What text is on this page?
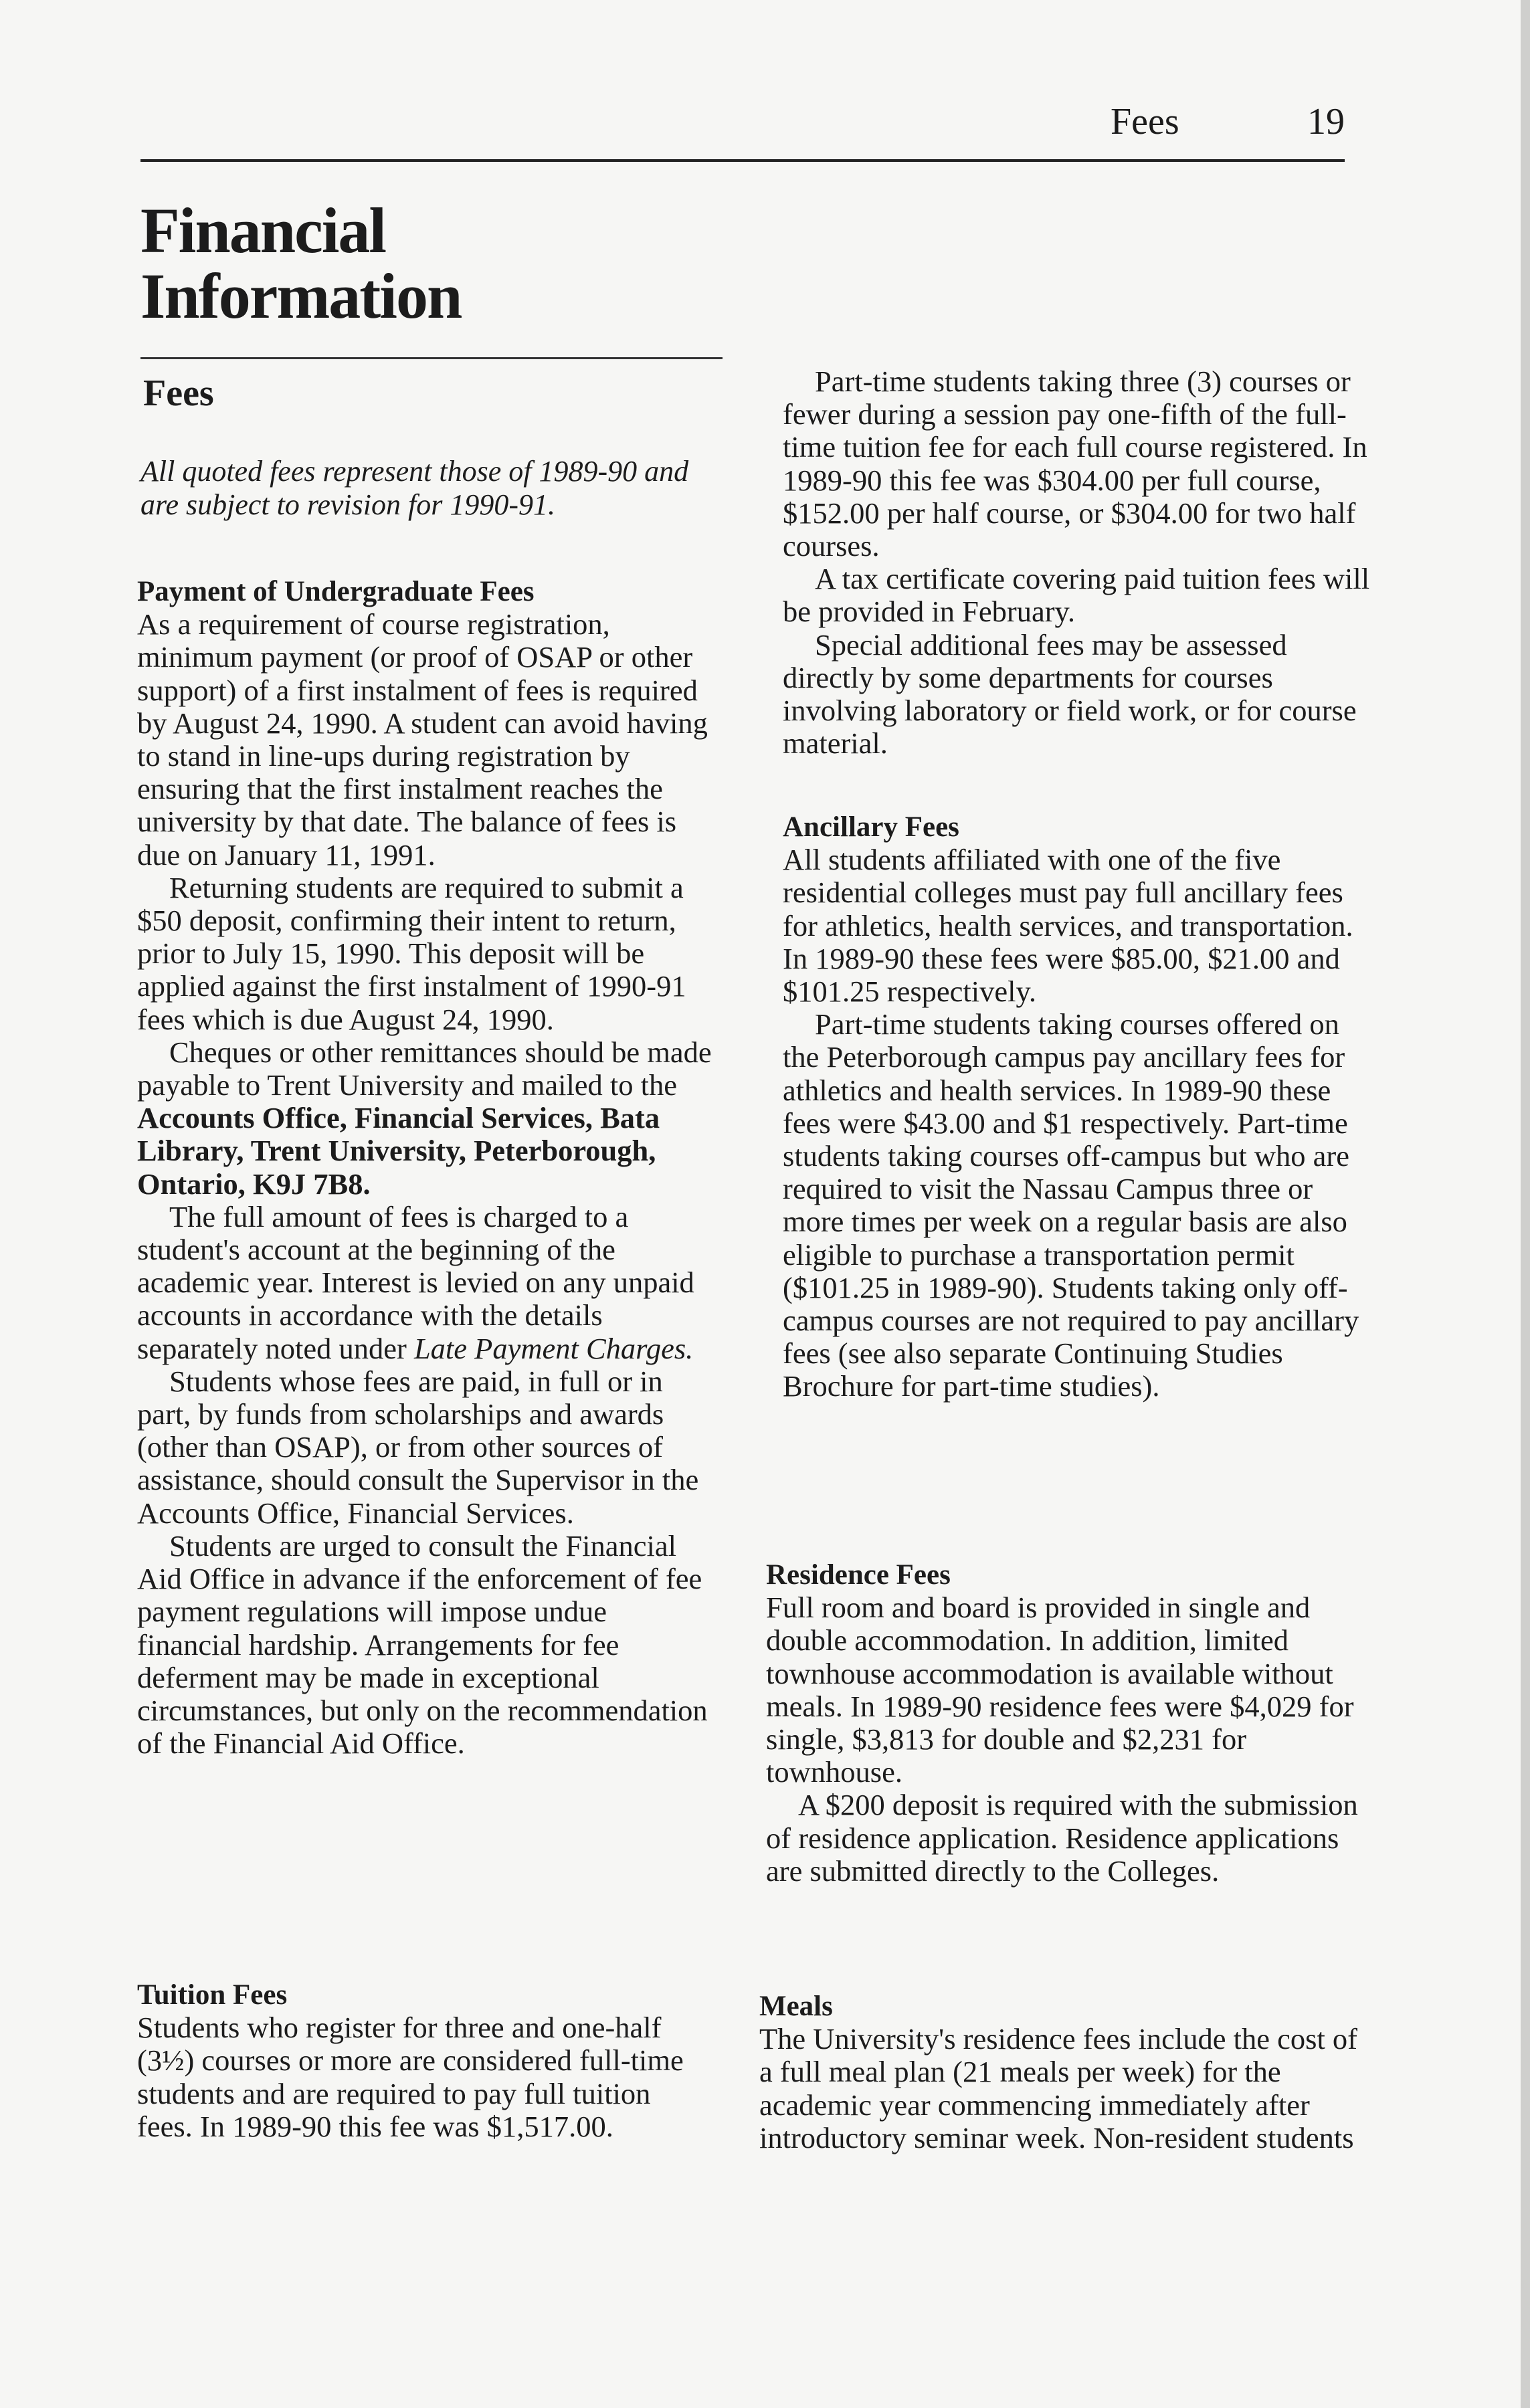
Fees	19
Financial
Information
Fees
All quoted fees represent those of 1989-90 and are subject to revision for 1990-91.

Payment of Undergraduate Fees

As a requirement of course registration, minimum payment (or proof of OSAP or other support) of a first instalment of fees is required by August 24, 1990. A student can avoid having to stand in line-ups during registration by ensuring that the first instalment reaches the university by that date. The balance of fees is due on January 11, 1991.

Returning students are required to submit a $50 deposit, confirming their intent to return, prior to July 15, 1990. This deposit will be applied against the first instalment of 1990-91 fees which is due August 24, 1990.

Cheques or other remittances should be made payable to Trent University and mailed to the Accounts Office, Financial Services, Bata Library, Trent University, Peterborough, Ontario, K9J 7B8.

The full amount of fees is charged to a student's account at the beginning of the academic year. Interest is levied on any unpaid accounts in accordance with the details separately noted under Late Payment Charges.

Students whose fees are paid, in full or in part, by funds from scholarships and awards (other than OSAP), or from other sources of assistance, should consult the Supervisor in the Accounts Office, Financial Services.

Students are urged to consult the Financial Aid Office in advance if the enforcement of fee payment regulations will impose undue financial hardship. Arrangements for fee deferment may be made in exceptional circumstances, but only on the recommendation of the Financial Aid Office.

Tuition Fees

Students who register for three and one-half (3½) courses or more are considered full-time students and are required to pay full tuition fees. In 1989-90 this fee was $1,517.00.

Part-time students taking three (3) courses or fewer during a session pay one-fifth of the full-time tuition fee for each full course registered. In 1989-90 this fee was $304.00 per full course, $152.00 per half course, or $304.00 for two half courses.

A tax certificate covering paid tuition fees will be provided in February.

Special additional fees may be assessed directly by some departments for courses involving laboratory or field work, or for course material.

Ancillary Fees

All students affiliated with one of the five residential colleges must pay full ancillary fees for athletics, health services, and transportation. In 1989-90 these fees were $85.00, $21.00 and $101.25 respectively.

Part-time students taking courses offered on the Peterborough campus pay ancillary fees for athletics and health services. In 1989-90 these fees were $43.00 and $1 respectively. Part-time students taking courses off-campus but who are required to visit the Nassau Campus three or more times per week on a regular basis are also eligible to purchase a transportation permit ($101.25 in 1989-90). Students taking only off-campus courses are not required to pay ancillary fees (see also separate Continuing Studies Brochure for part-time studies).

Residence Fees

Full room and board is provided in single and double accommodation. In addition, limited townhouse accommodation is available without meals. In 1989-90 residence fees were $4,029 for single, $3,813 for double and $2,231 for townhouse.

A $200 deposit is required with the submission of residence application. Residence applications are submitted directly to the Colleges.

Meals

The University's residence fees include the cost of a full meal plan (21 meals per week) for the academic year commencing immediately after introductory seminar week. Non-resident students
